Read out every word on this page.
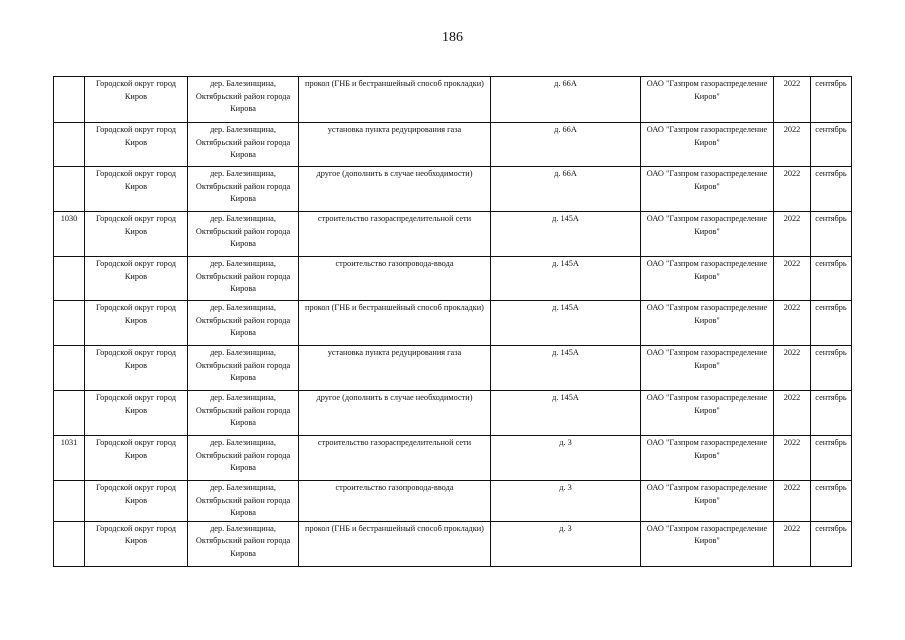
186
	Городской округ город Киров	дер. Балезинщина, Октябрьский район города Кирова	прокол (ГНБ и бестраншейный способ прокладки)	д. 66А	ОАО "Газпром газораспределение Киров"	2022	сентябрь
	Городской округ город Киров	дер. Балезинщина, Октябрьский район города Кирова	установка пункта редуцирования газа	д. 66А	ОАО "Газпром газораспределение Киров"	2022	сентябрь
	Городской округ город Киров	дер. Балезинщина, Октябрьский район города Кирова	другое (дополнить в случае необходимости)	д. 66А	ОАО "Газпром газораспределение Киров"	2022	сентябрь
1030	Городской округ город Киров	дер. Балезинщина, Октябрьский район города Кирова	строительство газораспределительной сети	д. 145А	ОАО "Газпром газораспределение Киров"	2022	сентябрь
	Городской округ город Киров	дер. Балезинщина, Октябрьский район города Кирова	строительство газопровода-ввода	д. 145А	ОАО "Газпром газораспределение Киров"	2022	сентябрь
	Городской округ город Киров	дер. Балезинщина, Октябрьский район города Кирова	прокол (ГНБ и бестраншейный способ прокладки)	д. 145А	ОАО "Газпром газораспределение Киров"	2022	сентябрь
	Городской округ город Киров	дер. Балезинщина, Октябрьский район города Кирова	установка пункта редуцирования газа	д. 145А	ОАО "Газпром газораспределение Киров"	2022	сентябрь
	Городской округ город Киров	дер. Балезинщина, Октябрьский район города Кирова	другое (дополнить в случае необходимости)	д. 145А	ОАО "Газпром газораспределение Киров"	2022	сентябрь
1031	Городской округ город Киров	дер. Балезинщина, Октябрьский район города Кирова	строительство газораспределительной сети	д. 3	ОАО "Газпром газораспределение Киров"	2022	сентябрь
	Городской округ город Киров	дер. Балезинщина, Октябрьский район города Кирова	строительство газопровода-ввода	д. 3	ОАО "Газпром газораспределение Киров"	2022	сентябрь
	Городской округ город Киров	дер. Балезинщина, Октябрьский район города Кирова	прокол (ГНБ и бестраншейный способ прокладки)	д. 3	ОАО "Газпром газораспределение Киров"	2022	сентябрь
